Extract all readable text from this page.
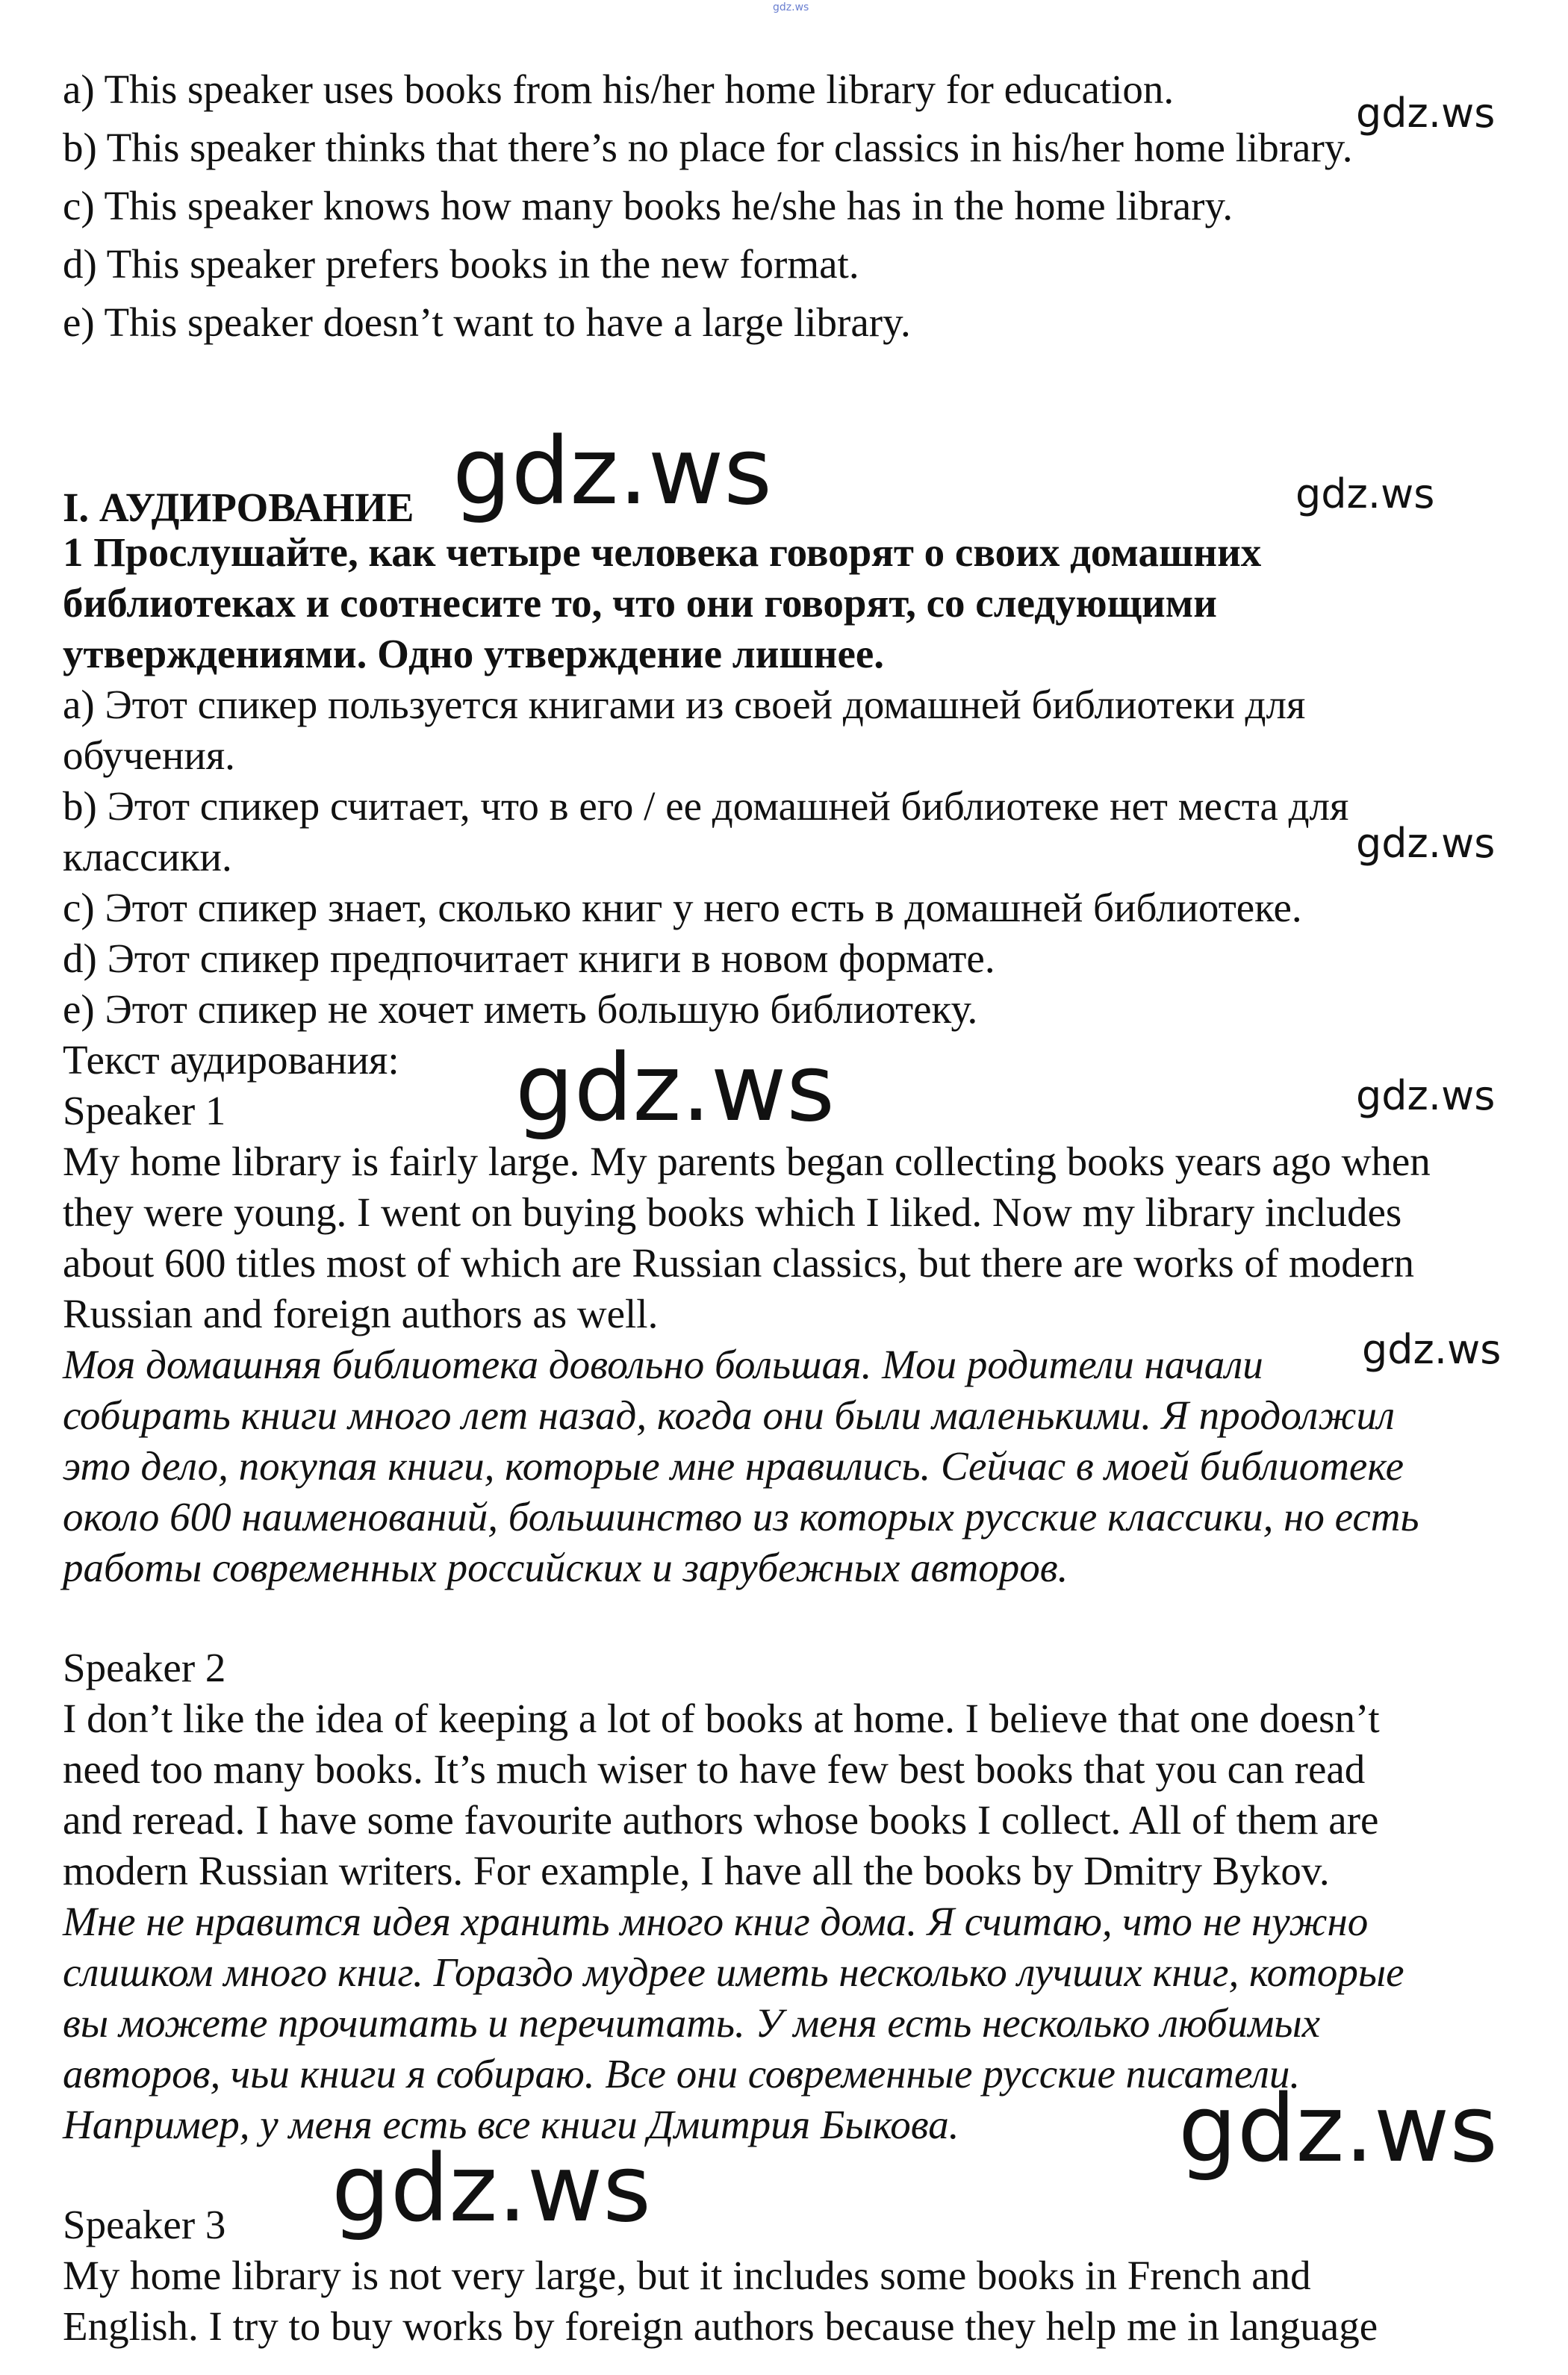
gdz.ws
a) This speaker uses books from his/her home library for education.
b) This speaker thinks that there’s no place for classics in his/her home library.
c) This speaker knows how many books he/she has in the home library.
d) This speaker prefers books in the new format.
e) This speaker doesn’t want to have a large library.
I. АУДИРОВАНИЕ
1 Прослушайте, как четыре человека говорят о своих домашних
библиотеках и соотнесите то, что они говорят, со следующими
утверждениями. Одно утверждение лишнее.
a) Этот спикер пользуется книгами из своей домашней библиотеки для
обучения.
b) Этот спикер считает, что в его / ее домашней библиотеке нет места для
классики.
c) Этот спикер знает, сколько книг у него есть в домашней библиотеке.
d) Этот спикер предпочитает книги в новом формате.
e) Этот спикер не хочет иметь большую библиотеку.
Текст аудирования:
Speaker 1
My home library is fairly large. My parents began collecting books years ago when
they were young. I went on buying books which I liked. Now my library includes
about 600 titles most of which are Russian classics, but there are works of modern
Russian and foreign authors as well.
Моя домашняя библиотека довольно большая. Мои родители начали
собирать книги много лет назад, когда они были маленькими. Я продолжил
это дело, покупая книги, которые мне нравились. Сейчас в моей библиотеке
около 600 наименований, большинство из которых русские классики, но есть
работы современных российских и зарубежных авторов.
Speaker 2
I don’t like the idea of keeping a lot of books at home. I believe that one doesn’t
need too many books. It’s much wiser to have few best books that you can read
and reread. I have some favourite authors whose books I collect. All of them are
modern Russian writers. For example, I have all the books by Dmitry Bykov.
Мне не нравится идея хранить много книг дома. Я считаю, что не нужно
слишком много книг. Гораздо мудрее иметь несколько лучших книг, которые
вы можете прочитать и перечитать. У меня есть несколько любимых
авторов, чьи книги я собираю. Все они современные русские писатели.
Например, у меня есть все книги Дмитрия Быкова.
Speaker 3
My home library is not very large, but it includes some books in French and
English. I try to buy works by foreign authors because they help me in language
gdz.ws
gdz.ws	gdz.ws
gdz.ws
gdz.ws	gdz.ws
gdz.ws
gdz.ws
gdz.ws
